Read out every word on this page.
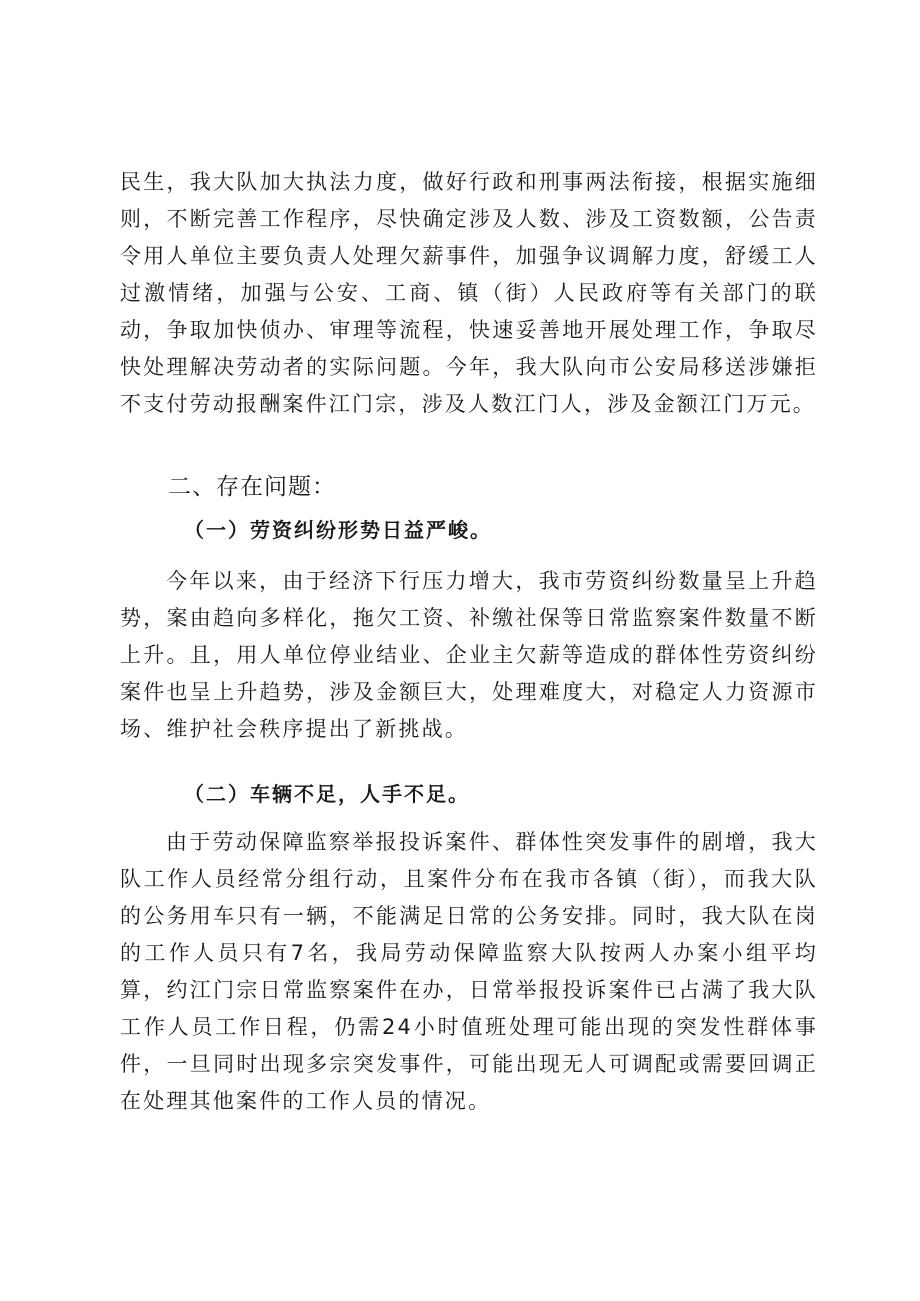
民生，我大队加大执法力度，做好行政和刑事两法衔接，根据实施细则，不断完善工作程序，尽快确定涉及人数、涉及工资数额，公告责令用人单位主要负责人处理欠薪事件，加强争议调解力度，舒缓工人过激情绪，加强与公安、工商、镇（街）人民政府等有关部门的联动，争取加快侦办、审理等流程，快速妥善地开展处理工作，争取尽快处理解决劳动者的实际问题。今年，我大队向市公安局移送涉嫌拒不支付劳动报酬案件江门宗，涉及人数江门人，涉及金额江门万元。

二、存在问题：
（一）劳资纠纷形势日益严峻。

今年以来，由于经济下行压力增大，我市劳资纠纷数量呈上升趋势，案由趋向多样化，拖欠工资、补缴社保等日常监察案件数量不断上升。且，用人单位停业结业、企业主欠薪等造成的群体性劳资纠纷案件也呈上升趋势，涉及金额巨大，处理难度大，对稳定人力资源市场、维护社会秩序提出了新挑战。

（二）车辆不足，人手不足。

由于劳动保障监察举报投诉案件、群体性突发事件的剧增，我大队工作人员经常分组行动，且案件分布在我市各镇（街），而我大队的公务用车只有一辆，不能满足日常的公务安排。同时，我大队在岗的工作人员只有7名，我局劳动保障监察大队按两人办案小组平均算，约江门宗日常监察案件在办，日常举报投诉案件已占满了我大队工作人员工作日程，仍需24小时值班处理可能出现的突发性群体事件，一旦同时出现多宗突发事件，可能出现无人可调配或需要回调正在处理其他案件的工作人员的情况。
